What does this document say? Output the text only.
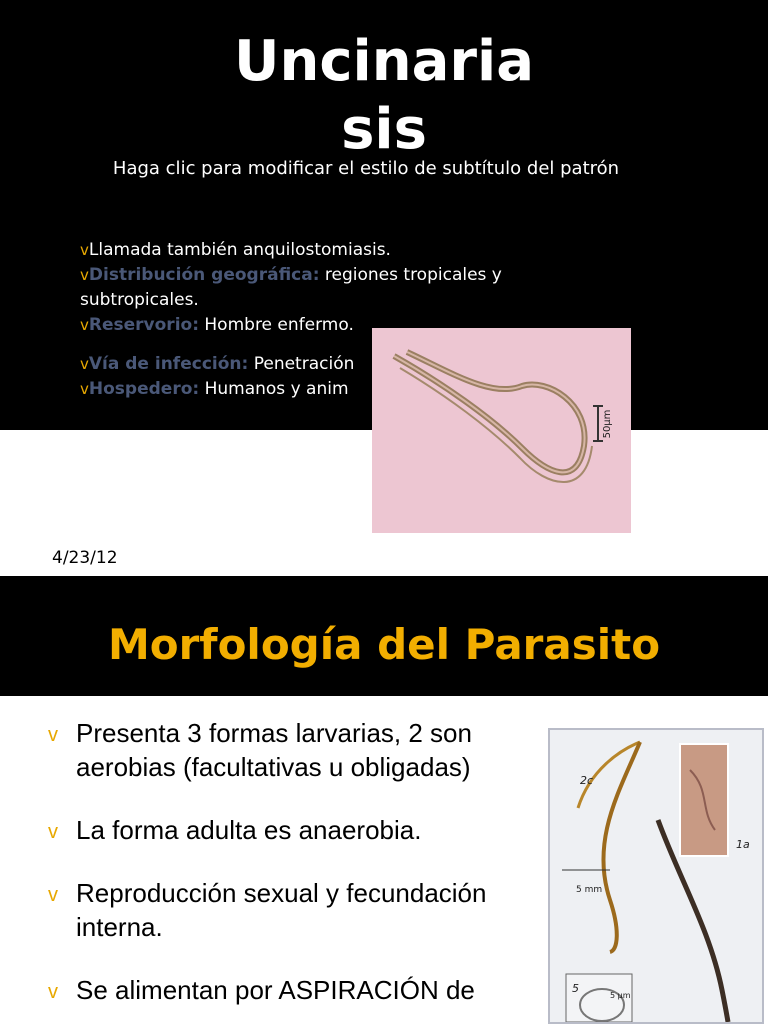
Uncinaria
sis
Haga clic para modificar el estilo de subtítulo del patrón

vLlamada también anquilostomiasis.

vDistribución geográfica: regiones tropicales y subtropicales.

vReservorio: Hombre enfermo.

vVía de infección: Penetración

vHospedero: Humanos y anim

50µm
4/23/12
Morfología del Parasito

v Presenta 3 formas larvarias, 2 son aerobias (facultativas u obligadas)

v La forma adulta es anaerobia.

v Reproducción sexual y fecundación interna.

v Se alimentan por ASPIRACIÓN de

2c
1a
5 mm
5
5 µm
